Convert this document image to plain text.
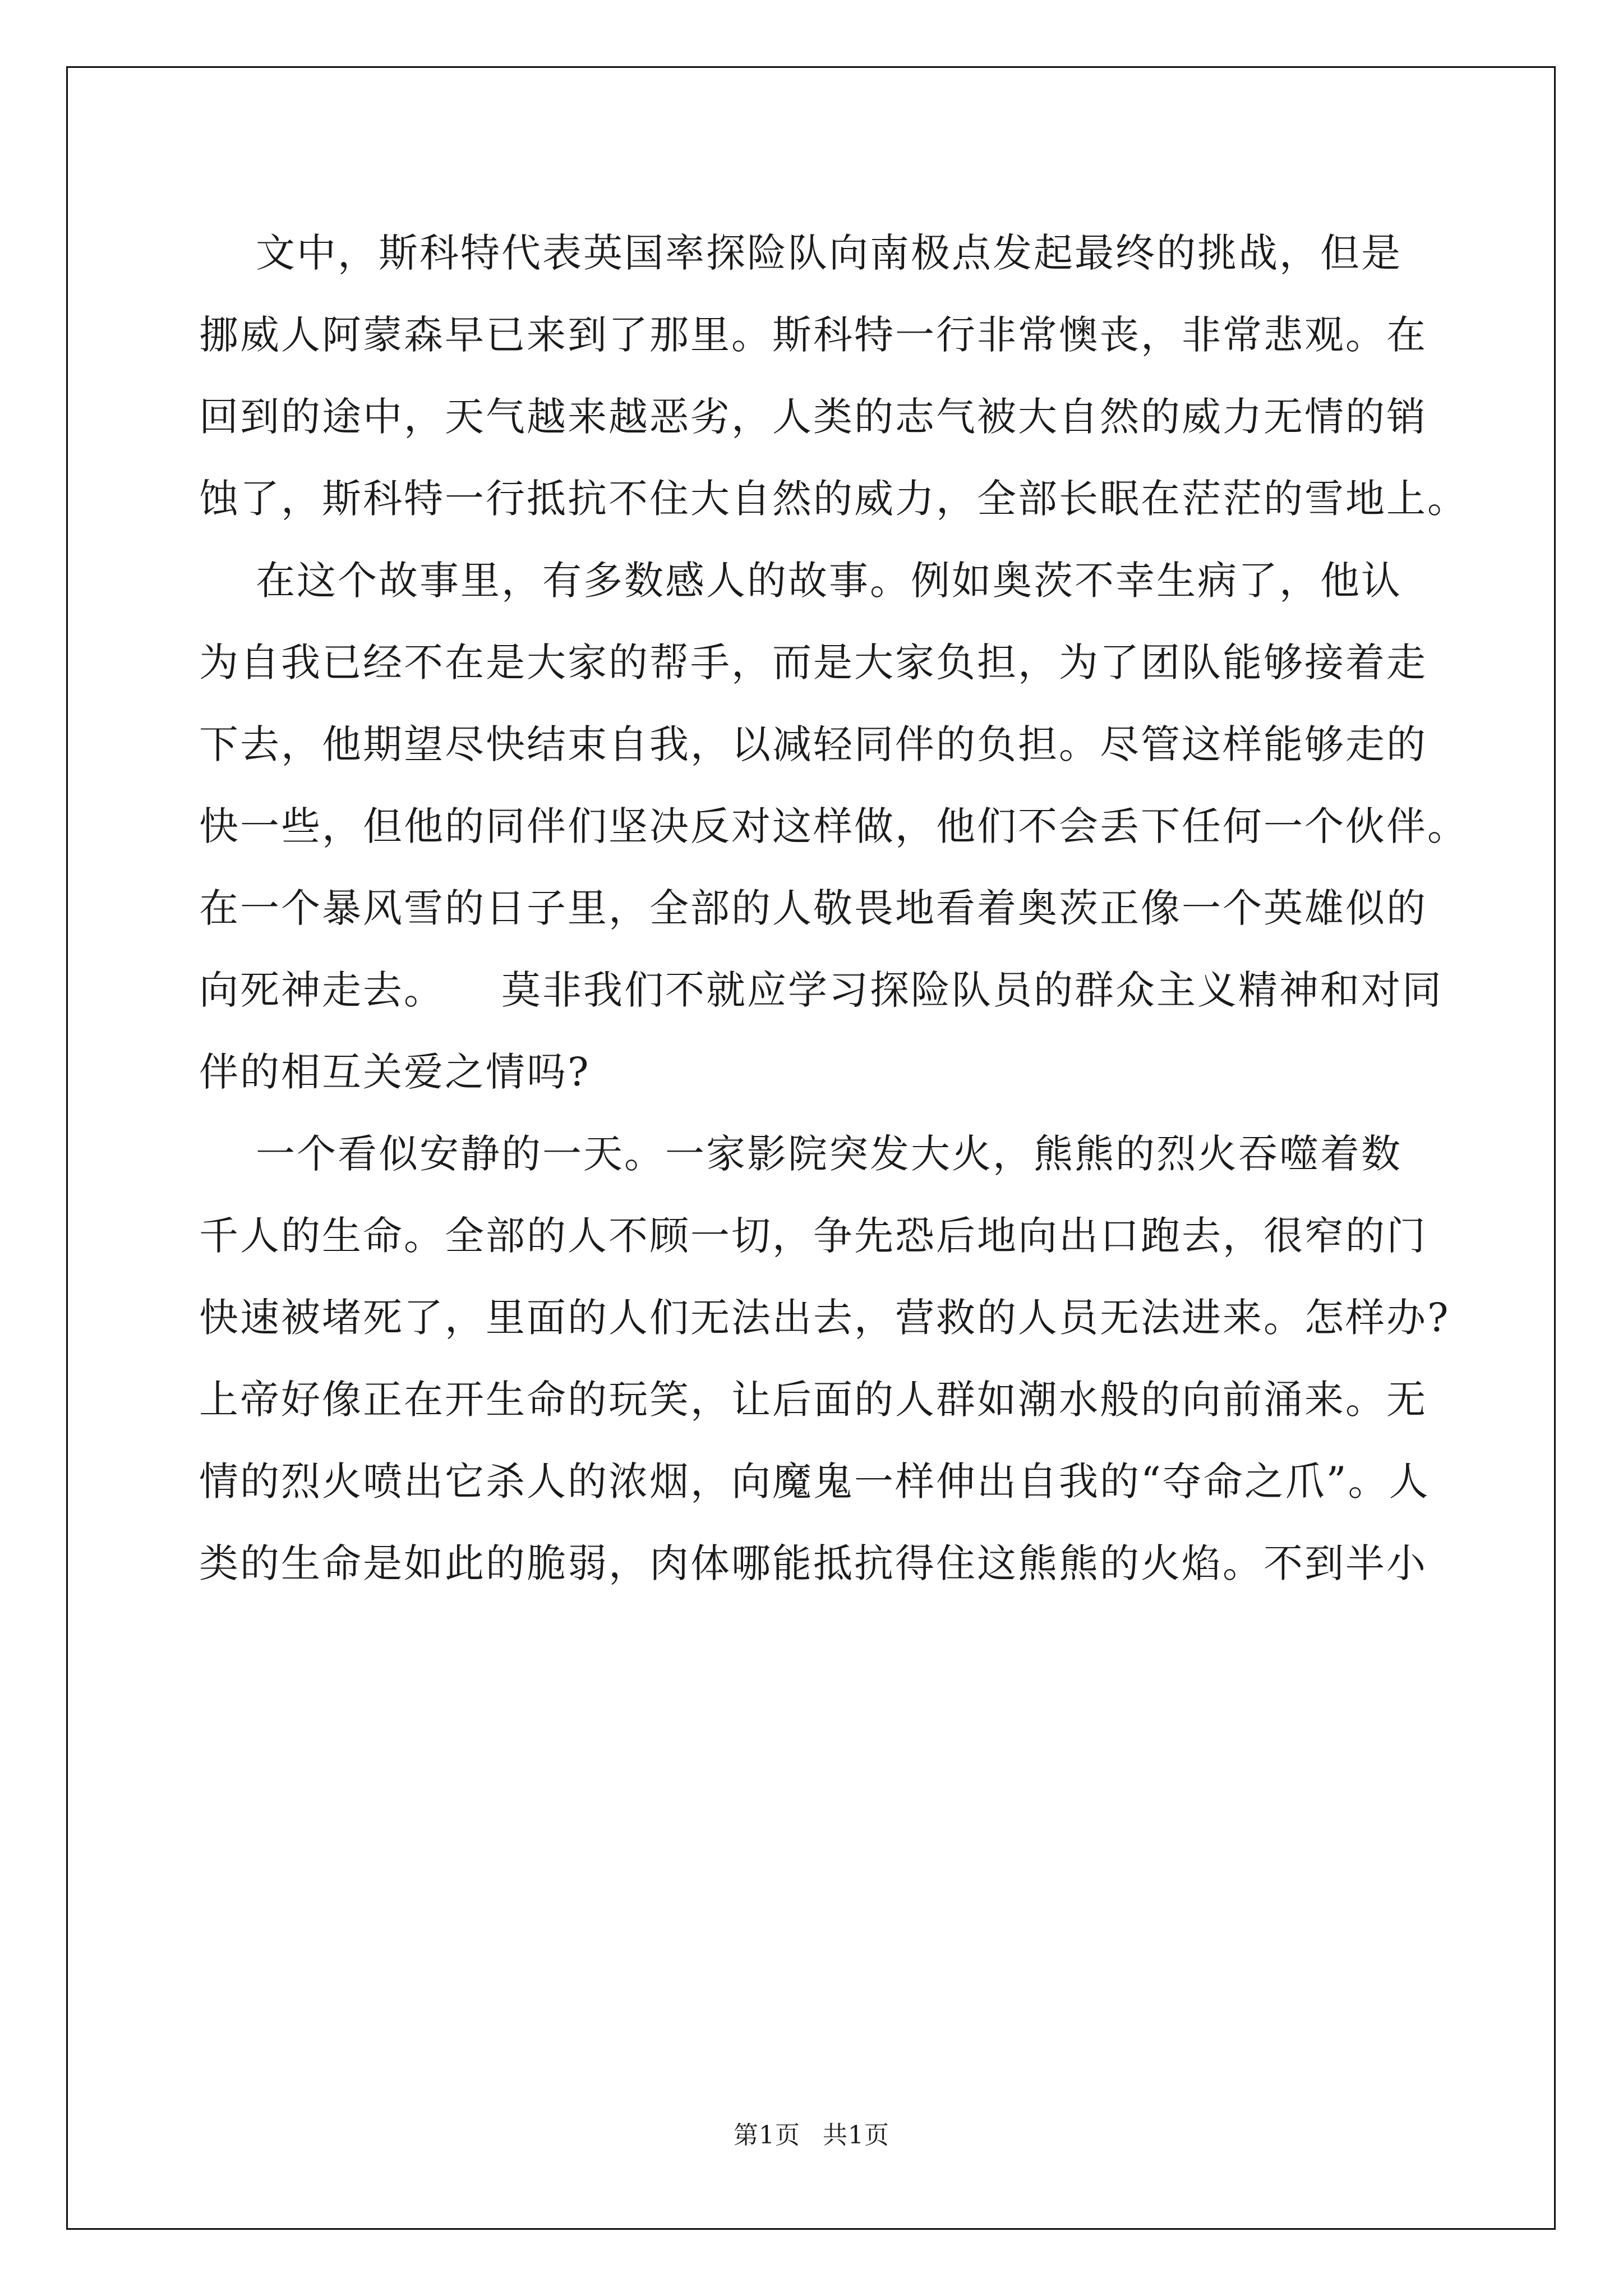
文中，斯科特代表英国率探险队向南极点发起最终的挑战，但是
挪威人阿蒙森早已来到了那里。斯科特一行非常懊丧，非常悲观。在
回到的途中，天气越来越恶劣，人类的志气被大自然的威力无情的销
蚀了，斯科特一行抵抗不住大自然的威力，全部长眠在茫茫的雪地上。
在这个故事里，有多数感人的故事。例如奥茨不幸生病了，他认
为自我已经不在是大家的帮手，而是大家负担，为了团队能够接着走
下去，他期望尽快结束自我，以减轻同伴的负担。尽管这样能够走的
快一些，但他的同伴们坚决反对这样做，他们不会丢下任何一个伙伴。
在一个暴风雪的日子里，全部的人敬畏地看着奥茨正像一个英雄似的
向死神走去。    莫非我们不就应学习探险队员的群众主义精神和对同
伴的相互关爱之情吗?
一个看似安静的一天。一家影院突发大火，熊熊的烈火吞噬着数
千人的生命。全部的人不顾一切，争先恐后地向出口跑去，很窄的门
快速被堵死了，里面的人们无法出去，营救的人员无法进来。怎样办?
上帝好像正在开生命的玩笑，让后面的人群如潮水般的向前涌来。无
情的烈火喷出它杀人的浓烟，向魔鬼一样伸出自我的“夺命之爪”。人
类的生命是如此的脆弱，肉体哪能抵抗得住这熊熊的火焰。不到半小
第1页 共1页
